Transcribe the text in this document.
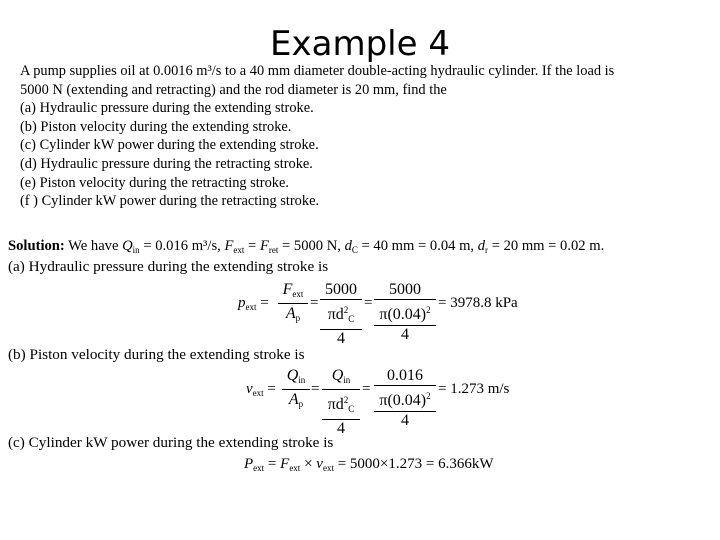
Example 4
A pump supplies oil at 0.0016 m³/s to a 40 mm diameter double-acting hydraulic cylinder. If the load is
5000 N (extending and retracting) and the rod diameter is 20 mm, find the
(a) Hydraulic pressure during the extending stroke.
(b) Piston velocity during the extending stroke.
(c) Cylinder kW power during the extending stroke.
(d) Hydraulic pressure during the retracting stroke.
(e) Piston velocity during the retracting stroke.
(f ) Cylinder kW power during the retracting stroke.
Solution: We have $Q_{in} = 0.016$ m³/s, $F_{ext} = F_{ret} = 5000$ N, $d_C = 40$ mm = 0.04 m, $d_r = 20$ mm = 0.02 m.
(a) Hydraulic pressure during the extending stroke is
$p_{ext}$ =
$F_{ext}$
$A_p$
=
5000
$\pi d^2_C$
4
=
5000
$\pi(0.04)^2$
4
= 3978.8 kPa
(b) Piston velocity during the extending stroke is
$v_{ext}$ =
$Q_{in}$
$A_p$
=
$Q_{in}$
$\pi d^2_C$
4
=
0.016
$\pi(0.04)^2$
4
= 1.273 m/s
(c) Cylinder kW power during the extending stroke is
$P_{ext} = F_{ext} \times v_{ext} = 5000\times 1.273 = 6.366kW$
